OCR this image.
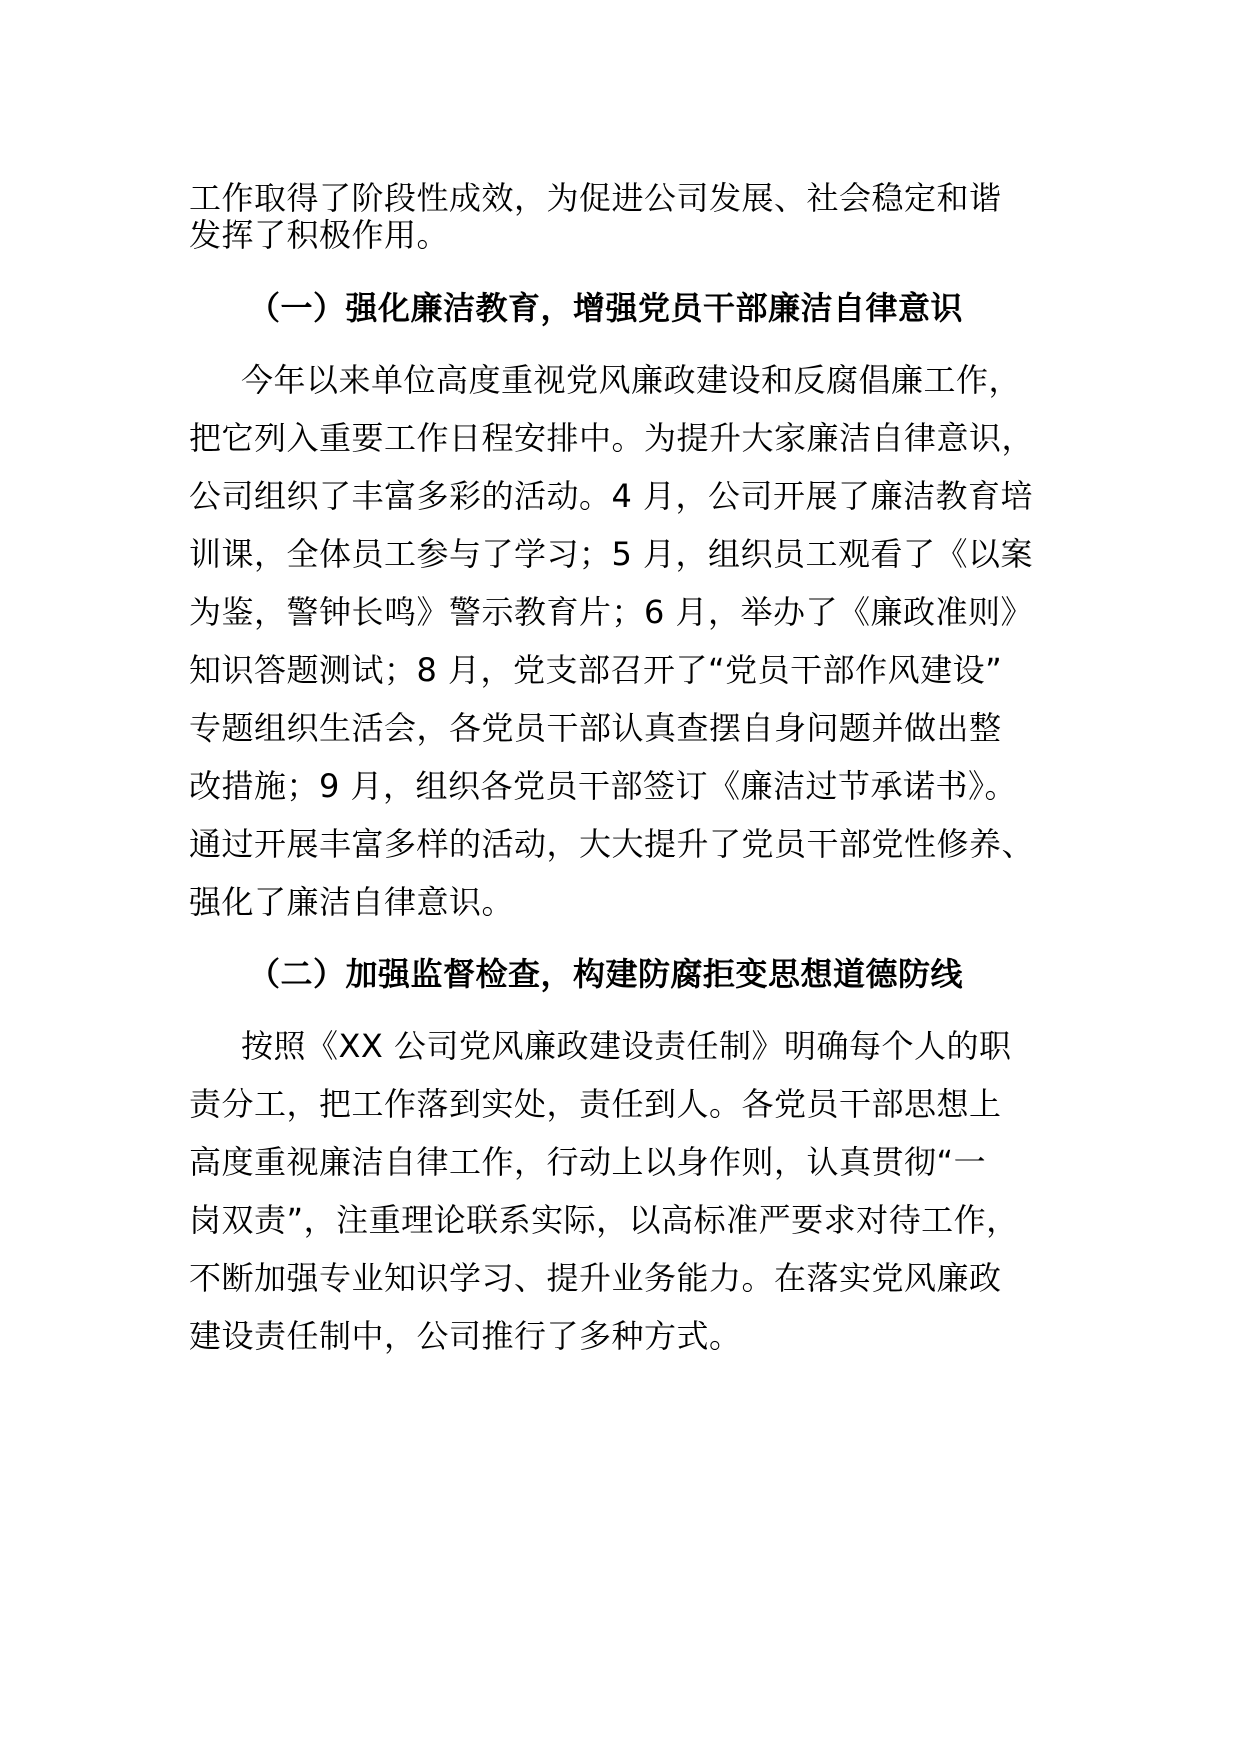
工作取得了阶段性成效，为促进公司发展、社会稳定和谐
发挥了积极作用。
（一）强化廉洁教育，增强党员干部廉洁自律意识
今年以来单位高度重视党风廉政建设和反腐倡廉工作，
把它列入重要工作日程安排中。为提升大家廉洁自律意识，
公司组织了丰富多彩的活动。4 月，公司开展了廉洁教育培
训课，全体员工参与了学习；5 月，组织员工观看了《以案
为鉴，警钟长鸣》警示教育片；6 月，举办了《廉政准则》
知识答题测试；8 月，党支部召开了“党员干部作风建设”
专题组织生活会，各党员干部认真查摆自身问题并做出整
改措施；9 月，组织各党员干部签订《廉洁过节承诺书》。
通过开展丰富多样的活动，大大提升了党员干部党性修养、
强化了廉洁自律意识。
（二）加强监督检查，构建防腐拒变思想道德防线
按照《XX 公司党风廉政建设责任制》明确每个人的职
责分工，把工作落到实处，责任到人。各党员干部思想上
高度重视廉洁自律工作，行动上以身作则，认真贯彻“一
岗双责”，注重理论联系实际，以高标准严要求对待工作，
不断加强专业知识学习、提升业务能力。在落实党风廉政
建设责任制中，公司推行了多种方式。
